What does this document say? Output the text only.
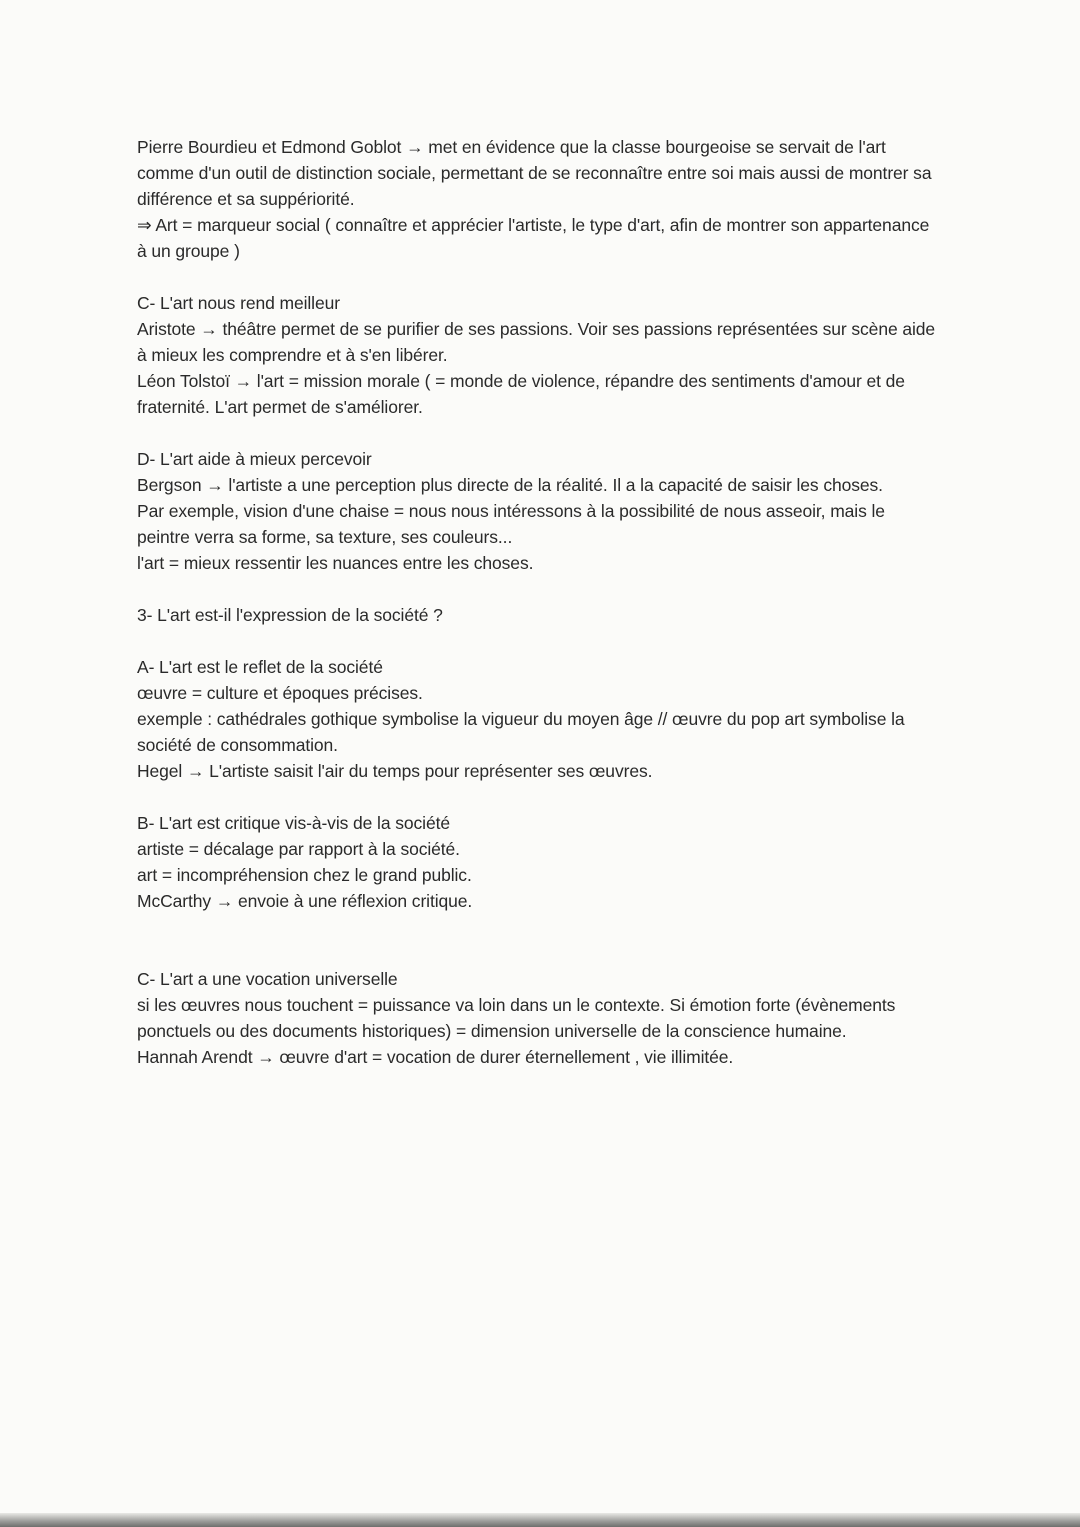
Pierre Bourdieu et Edmond Goblot → met en évidence que la classe bourgeoise se servait de l'art comme d'un outil de distinction sociale, permettant de se reconnaître entre soi mais aussi de montrer sa différence et sa suppériorité.

⇒ Art = marqueur social ( connaître et apprécier l'artiste, le type d'art, afin de montrer son appartenance à un groupe )

C- L'art nous rend meilleur

Aristote → théâtre permet de se purifier de ses passions. Voir ses passions représentées sur scène aide à mieux les comprendre et à s'en libérer.

Léon Tolstoï → l'art = mission morale ( = monde de violence, répandre des sentiments d'amour et de fraternité. L'art permet de s'améliorer.

D- L'art aide à mieux percevoir

Bergson → l'artiste a une perception plus directe de la réalité. Il a la capacité de saisir les choses.

Par exemple, vision d'une chaise = nous nous intéressons à la possibilité de nous asseoir, mais le peintre verra sa forme, sa texture, ses couleurs...

l'art = mieux ressentir les nuances entre les choses.

3- L'art est-il l'expression de la société ?

A- L'art est le reflet de la société

œuvre = culture et époques précises.

exemple : cathédrales gothique symbolise la vigueur du moyen âge // œuvre du pop art symbolise la société de consommation.

Hegel → L'artiste saisit l'air du temps pour représenter ses œuvres.

B- L'art est critique vis-à-vis de la société

artiste = décalage par rapport à la société.

art = incompréhension chez le grand public.

McCarthy → envoie à une réflexion critique.

C- L'art a une vocation universelle

si les œuvres nous touchent = puissance va loin dans un le contexte. Si émotion forte (évènements ponctuels ou des documents historiques) = dimension universelle de la conscience humaine.

Hannah Arendt → œuvre d'art = vocation de durer éternellement , vie illimitée.
